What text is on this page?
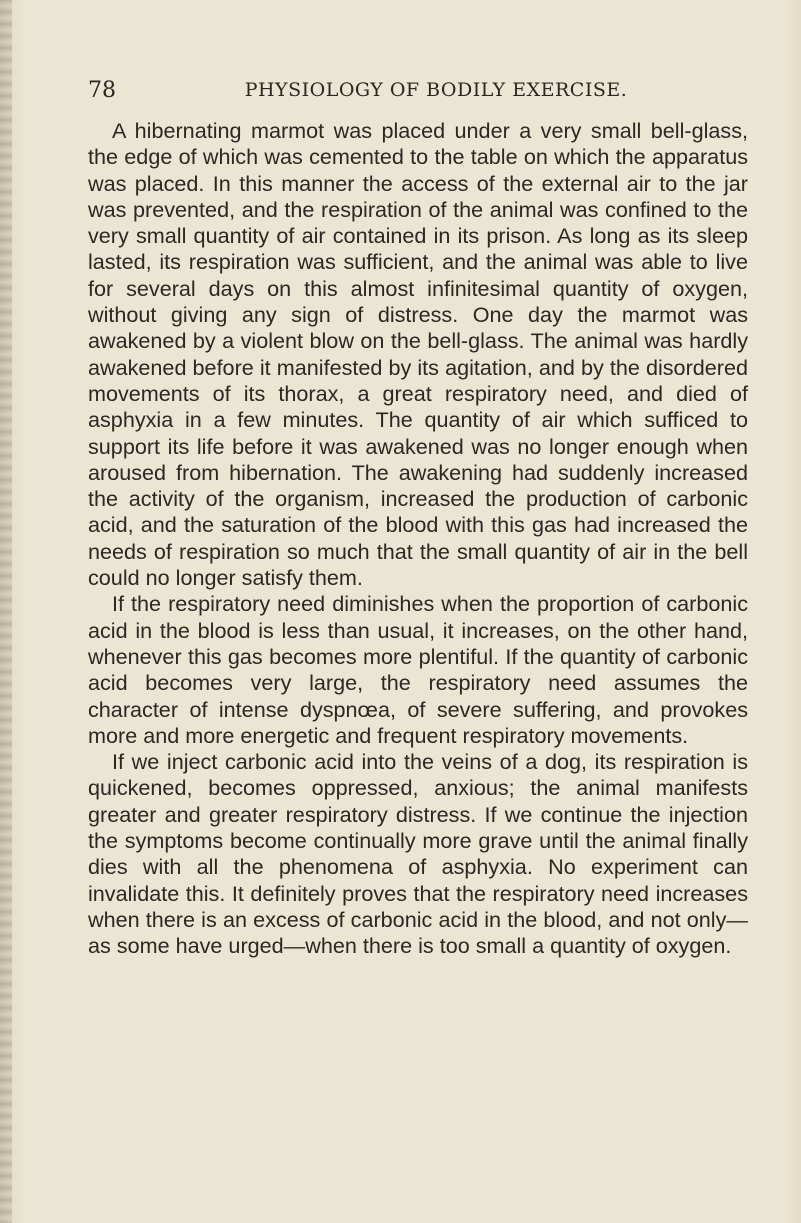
78	PHYSIOLOGY OF BODILY EXERCISE.

A hibernating marmot was placed under a very small bell-glass, the edge of which was cemented to the table on which the apparatus was placed. In this manner the access of the external air to the jar was prevented, and the respiration of the animal was confined to the very small quantity of air contained in its prison. As long as its sleep lasted, its respiration was sufficient, and the animal was able to live for several days on this almost infinitesimal quantity of oxygen, without giving any sign of distress. One day the marmot was awakened by a violent blow on the bell-glass. The animal was hardly awakened before it manifested by its agitation, and by the disordered movements of its thorax, a great respiratory need, and died of asphyxia in a few minutes. The quantity of air which sufficed to support its life before it was awakened was no longer enough when aroused from hibernation. The awakening had suddenly increased the activity of the organism, increased the production of carbonic acid, and the saturation of the blood with this gas had increased the needs of respiration so much that the small quantity of air in the bell could no longer satisfy them.

If the respiratory need diminishes when the proportion of carbonic acid in the blood is less than usual, it increases, on the other hand, whenever this gas becomes more plentiful. If the quantity of carbonic acid becomes very large, the respiratory need assumes the character of intense dyspnœa, of severe suffering, and provokes more and more energetic and frequent respiratory movements.

If we inject carbonic acid into the veins of a dog, its respiration is quickened, becomes oppressed, anxious; the animal manifests greater and greater respiratory distress. If we continue the injection the symptoms become continually more grave until the animal finally dies with all the phenomena of asphyxia. No experiment can invalidate this. It definitely proves that the respiratory need increases when there is an excess of carbonic acid in the blood, and not only—as some have urged—when there is too small a quantity of oxygen.
